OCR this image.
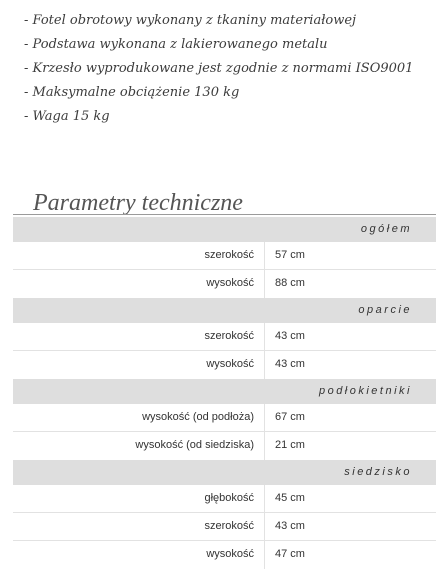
- Fotel obrotowy wykonany z tkaniny materiałowej
- Podstawa wykonana z lakierowanego metalu
- Krzesło wyprodukowane jest zgodnie z normami ISO9001
- Maksymalne obciążenie 130 kg
- Waga 15 kg
Parametry techniczne
ogółem
szerokość	57 cm
wysokość	88 cm
oparcie
szerokość	43 cm
wysokość	43 cm
podłokietniki
wysokość (od podłoża)	67 cm
wysokość (od siedziska)	21 cm
siedzisko
głębokość	45 cm
szerokość	43 cm
wysokość	47 cm
